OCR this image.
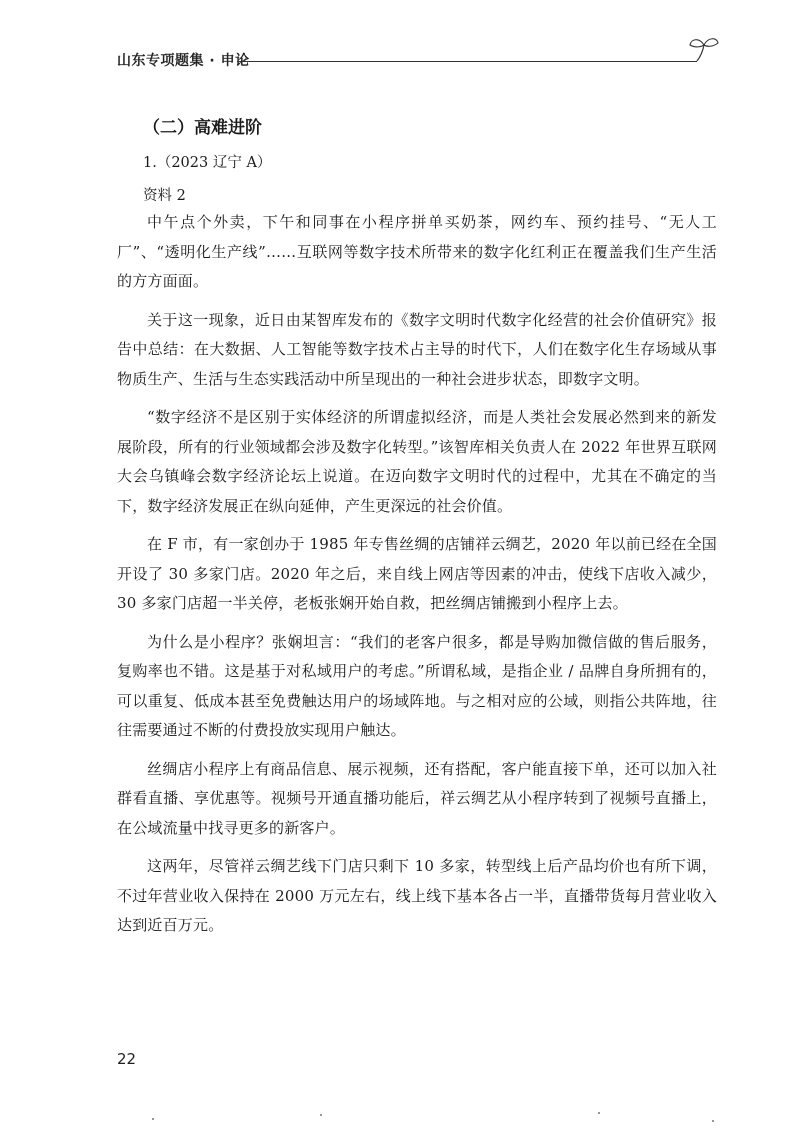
山东专项题集 · 申论
（二）高难进阶
1.（2023 辽宁 A）
资料 2

中午点个外卖，下午和同事在小程序拼单买奶茶，网约车、预约挂号、“无人工厂”、“透明化生产线”……互联网等数字技术所带来的数字化红利正在覆盖我们生产生活的方方面面。

关于这一现象，近日由某智库发布的《数字文明时代数字化经营的社会价值研究》报告中总结：在大数据、人工智能等数字技术占主导的时代下，人们在数字化生存场域从事物质生产、生活与生态实践活动中所呈现出的一种社会进步状态，即数字文明。

“数字经济不是区别于实体经济的所谓虚拟经济，而是人类社会发展必然到来的新发展阶段，所有的行业领域都会涉及数字化转型。”该智库相关负责人在 2022 年世界互联网大会乌镇峰会数字经济论坛上说道。在迈向数字文明时代的过程中，尤其在不确定的当下，数字经济发展正在纵向延伸，产生更深远的社会价值。

在 F 市，有一家创办于 1985 年专售丝绸的店铺祥云绸艺，2020 年以前已经在全国开设了 30 多家门店。2020 年之后，来自线上网店等因素的冲击，使线下店收入减少，30 多家门店超一半关停，老板张娴开始自救，把丝绸店铺搬到小程序上去。

为什么是小程序？张娴坦言：“我们的老客户很多，都是导购加微信做的售后服务，复购率也不错。这是基于对私域用户的考虑。”所谓私域，是指企业 / 品牌自身所拥有的，可以重复、低成本甚至免费触达用户的场域阵地。与之相对应的公域，则指公共阵地，往往需要通过不断的付费投放实现用户触达。

丝绸店小程序上有商品信息、展示视频，还有搭配，客户能直接下单，还可以加入社群看直播、享优惠等。视频号开通直播功能后，祥云绸艺从小程序转到了视频号直播上，在公域流量中找寻更多的新客户。

这两年，尽管祥云绸艺线下门店只剩下 10 多家，转型线上后产品均价也有所下调，不过年营业收入保持在 2000 万元左右，线上线下基本各占一半，直播带货每月营业收入达到近百万元。

22
